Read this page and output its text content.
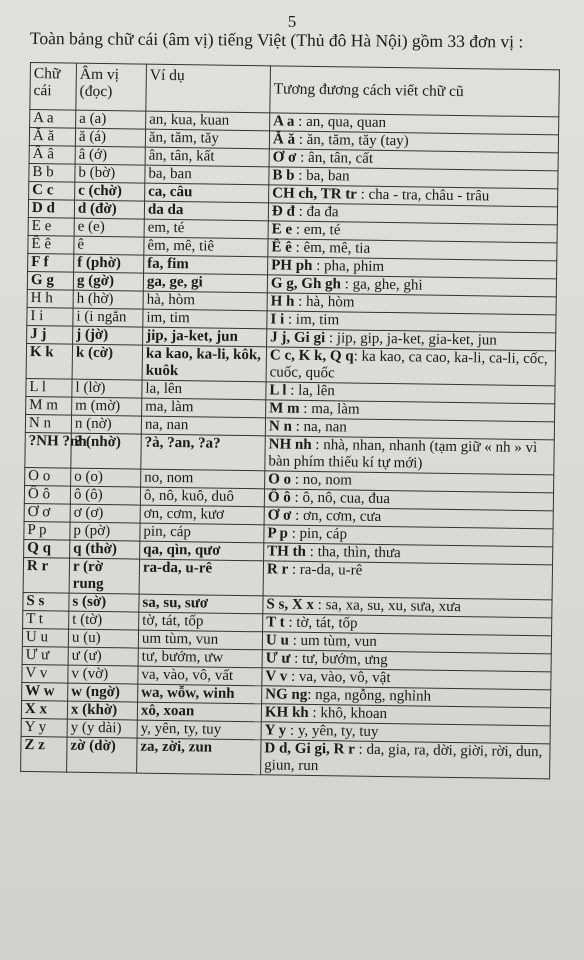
5
Toàn bảng chữ cái (âm vị) tiếng Việt (Thủ đô Hà Nội) gồm 33 đơn vị :
Chữ cái	Âm vị (đọc)	Ví dụ	Tương đương cách viết chữ cũ
A a	a (a)	an, kua, kuan	A a : an, qua, quan
Ă ă	ă (á)	ăn, tăm, tăy	Ă ă : ăn, tăm, tăy (tay)
Â â	â (ớ)	ân, tân, kất	Ơ ơ : ân, tân, cất
B b	b (bờ)	ba, ban	B b : ba, ban
C c	c (chờ)	ca, câu	CH ch, TR tr : cha - tra, châu - trâu
D d	d (đờ)	da da	Đ đ : đa đa
E e	e (e)	em, té	E e : em, té
Ê ê	ê	êm, mê, tiê	Ê ê : êm, mê, tia
F f	f (phờ)	fa, fim	PH ph : pha, phim
G g	g (gờ)	ga, ge, gi	G g, Gh gh : ga, ghe, ghi
H h	h (hờ)	hà, hòm	H h : hà, hòm
I i	i (i ngắn	im, tim	I i : im, tim
J j	j (jờ)	jip, ja-ket, jun	J j, Gi gi : jip, gip, ja-ket, gia-ket, jun
K k	k (cờ)	ka kao, ka-li, kôk, kuôk	C c, K k, Q q: ka kao, ca cao, ka-li, ca-li, cốc, cuốc, quốc
L l	l (lờ)	la, lên	L l : la, lên
M m	m (mờ)	ma, làm	M m : ma, làm
N n	n (nờ)	na, nan	N n : na, nan
?NH ?nh	? (nhờ)	?à, ?an, ?a?	NH nh : nhà, nhan, nhanh (tạm giữ « nh » vì bàn phím thiếu kí tự mới)
O o	o (o)	no, nom	O o : no, nom
Ô ô	ô (ô)	ô, nô, kuô, duô	Ô ô : ô, nô, cua, đua
Ơ ơ	ơ (ơ)	ơn, cơm, kươ	Ơ ơ : ơn, cơm, cưa
P p	p (pờ)	pin, cáp	P p : pin, cáp
Q q	q (thờ)	qa, qìn, qươ	TH th : tha, thìn, thưa
R r	r (rờ rung	ra-da, u-rê	R r : ra-da, u-rê
S s	s (sờ)	sa, su, sươ	S s, X x : sa, xa, su, xu, sưa, xưa
T t	t (tờ)	tờ, tát, tốp	T t : tờ, tát, tốp
U u	u (u)	um tùm, vun	U u : um tùm, vun
Ư ư	ư (ư)	tư, bướm, ưw	Ư ư : tư, bướm, ưng
V v	v (vờ)	va, vào, vô, vất	V v : va, vào, vô, vật
W w	w (ngờ)	wa, wỗw, winh	NG ng: nga, ngỗng, nghỉnh
X x	x (khờ)	xô, xoan	KH kh : khô, khoan
Y y	y (y dài)	y, yên, ty, tuy	Y y : y, yên, ty, tuy
Z z	zờ (dờ)	za, zời, zun	D d, Gi gi, R r : da, gia, ra, dời, giời, rời, dun, giun, run
